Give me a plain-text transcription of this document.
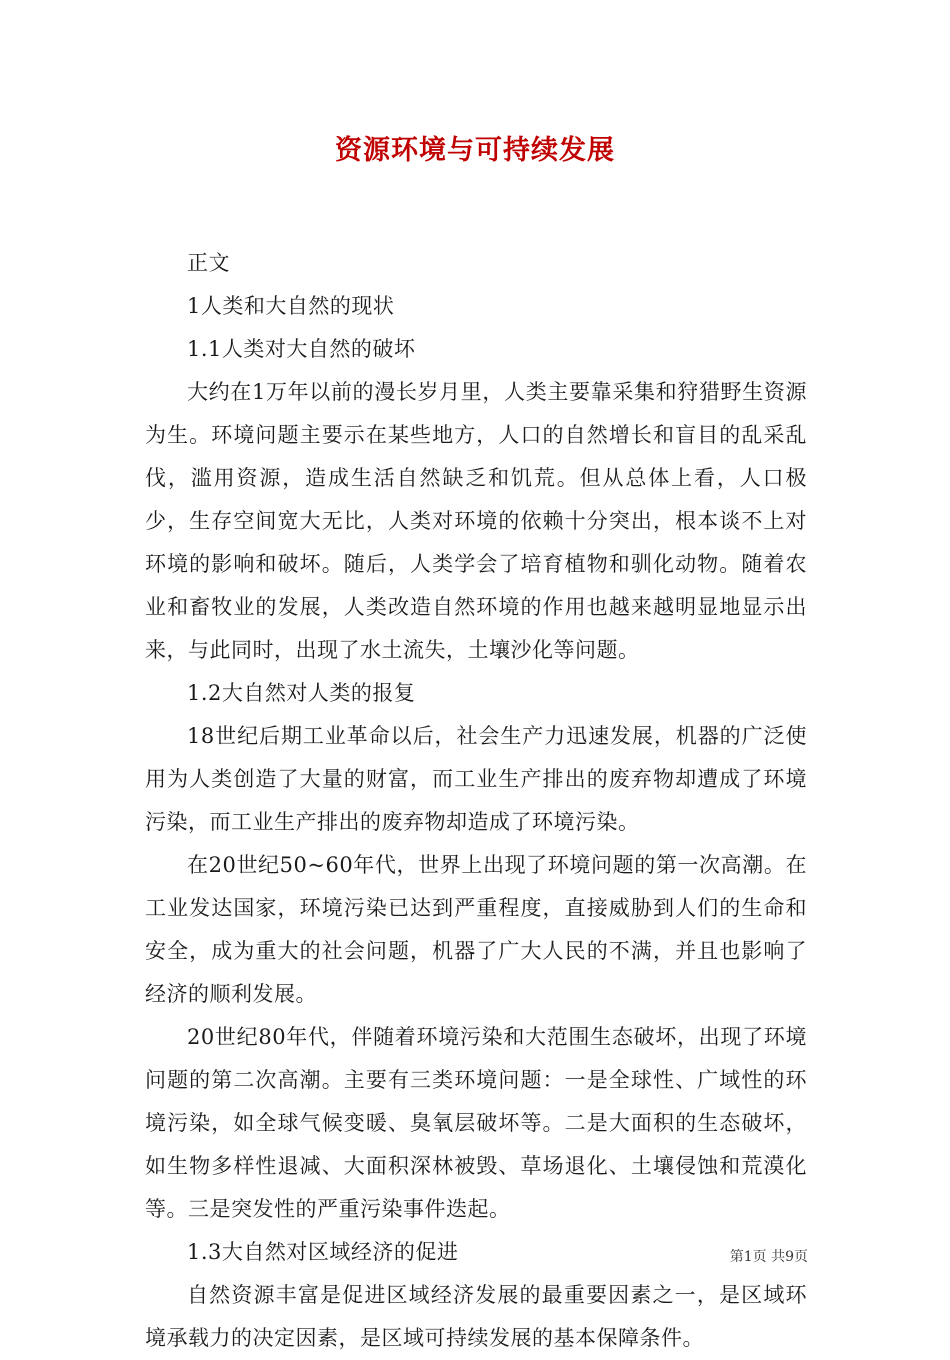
资源环境与可持续发展

正文

1人类和大自然的现状

1.1人类对大自然的破坏

大约在1万年以前的漫长岁月里，人类主要靠采集和狩猎野生资源为生。环境问题主要示在某些地方，人口的自然增长和盲目的乱采乱伐，滥用资源，造成生活自然缺乏和饥荒。但从总体上看，人口极少，生存空间宽大无比，人类对环境的依赖十分突出，根本谈不上对环境的影响和破坏。随后，人类学会了培育植物和驯化动物。随着农业和畜牧业的发展，人类改造自然环境的作用也越来越明显地显示出来，与此同时，出现了水土流失，土壤沙化等问题。

1.2大自然对人类的报复

18世纪后期工业革命以后，社会生产力迅速发展，机器的广泛使用为人类创造了大量的财富，而工业生产排出的废弃物却遭成了环境污染，而工业生产排出的废弃物却造成了环境污染。

在20世纪50~60年代，世界上出现了环境问题的第一次高潮。在工业发达国家，环境污染已达到严重程度，直接威胁到人们的生命和安全，成为重大的社会问题，机器了广大人民的不满，并且也影响了经济的顺利发展。

20世纪80年代，伴随着环境污染和大范围生态破坏，出现了环境问题的第二次高潮。主要有三类环境问题：一是全球性、广域性的环境污染，如全球气候变暖、臭氧层破坏等。二是大面积的生态破坏，如生物多样性退减、大面积深林被毁、草场退化、土壤侵蚀和荒漠化等。三是突发性的严重污染事件迭起。

1.3大自然对区域经济的促进

自然资源丰富是促进区域经济发展的最重要因素之一，是区域环境承载力的决定因素，是区域可持续发展的基本保障条件。

第1页 共9页
